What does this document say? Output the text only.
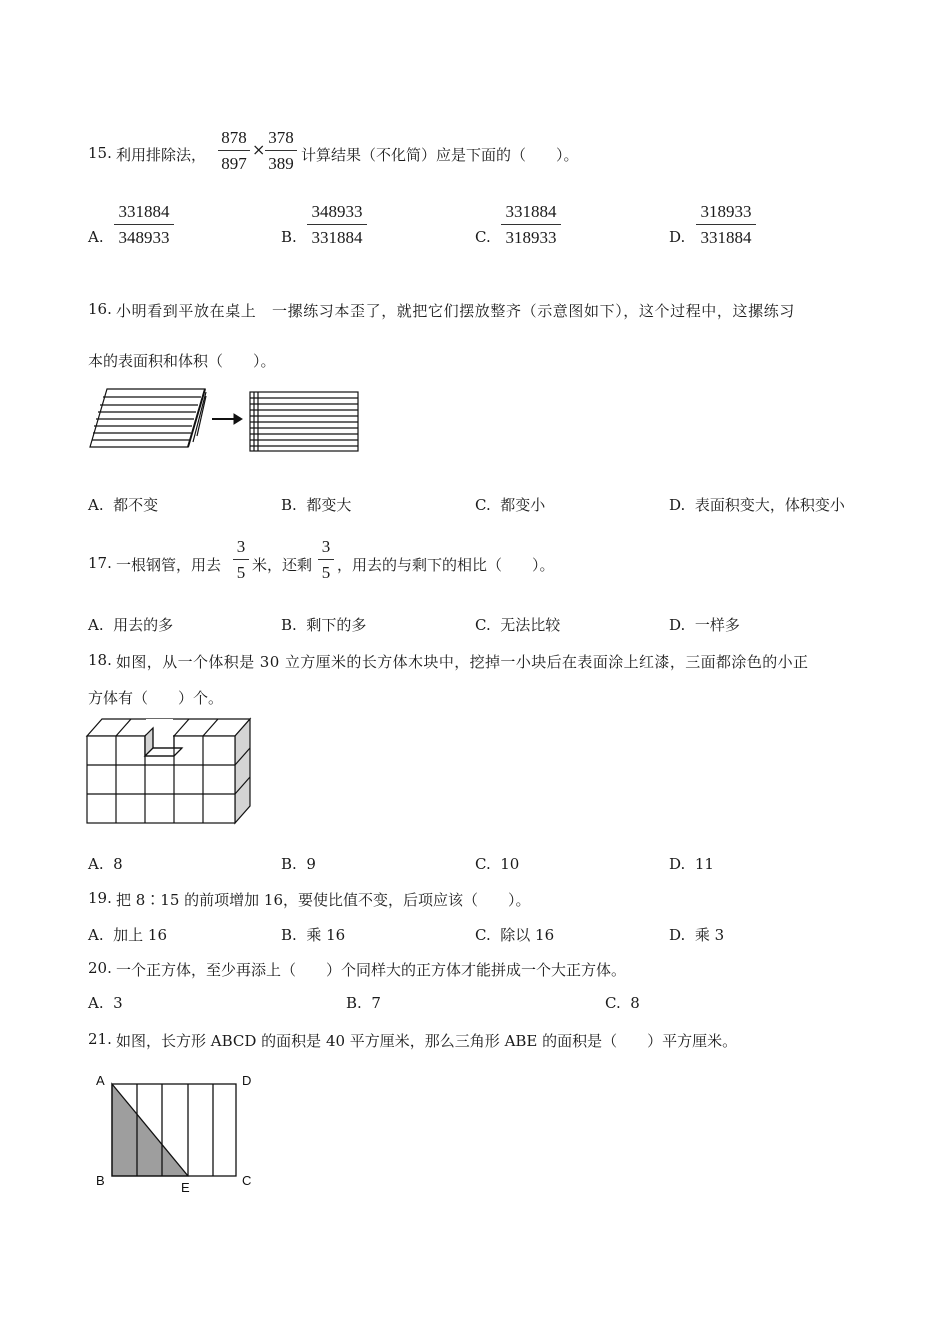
15. 利用排除法，
878
897
×
378
389 计算结果（不化简）应是下面的（　　）。
A.
331884
348933	B.
348933
331884	C.
331884
318933	D.
318933
331884
16. 小明看到平放在桌上　一摞练习本歪了，就把它们摆放整齐（示意图如下），这个过程中，这摞练习
本的表面积和体积（　　）。
A. 都不变	B. 都变大	C. 都变小	D. 表面积变大，体积变小
17. 一根钢管，用去
3
5 米，还剩
3
5 ，用去的与剩下的相比（　　）。
A. 用去的多	B. 剩下的多	C. 无法比较	D. 一样多
18. 如图，从一个体积是 30 立方厘米的长方体木块中，挖掉一小块后在表面涂上红漆，三面都涂色的小正
方体有（　　）个。
A. 8	B. 9	C. 10	D. 11
19. 把 8∶15 的前项增加 16，要使比值不变，后项应该（　　）。
A. 加上 16	B. 乘 16	C. 除以 16	D. 乘 3
20. 一个正方体，至少再添上（　　）个同样大的正方体才能拼成一个大正方体。
A. 3	B. 7	C. 8
21. 如图，长方形 ABCD 的面积是 40 平方厘米，那么三角形 ABE 的面积是（　　）平方厘米。
A	D
B	C
E
